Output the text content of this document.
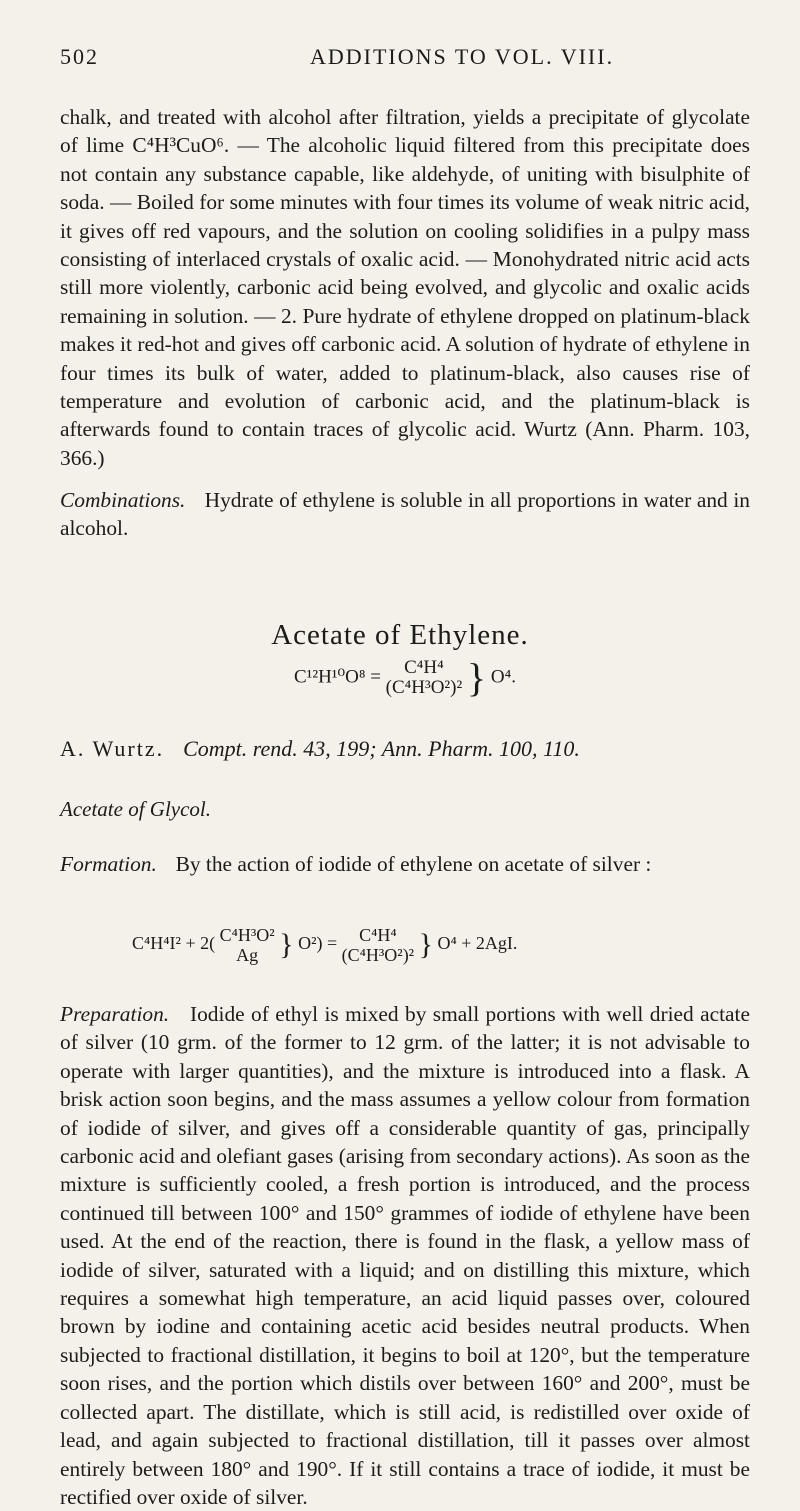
502	ADDITIONS TO VOL. VIII.

chalk, and treated with alcohol after filtration, yields a precipitate of glycolate of lime C⁴H³CuO⁶. — The alcoholic liquid filtered from this precipitate does not contain any substance capable, like aldehyde, of uniting with bisulphite of soda. — Boiled for some minutes with four times its volume of weak nitric acid, it gives off red vapours, and the solution on cooling solidifies in a pulpy mass consisting of interlaced crystals of oxalic acid. — Monohydrated nitric acid acts still more violently, carbonic acid being evolved, and glycolic and oxalic acids remaining in solution. — 2. Pure hydrate of ethylene dropped on platinum-black makes it red-hot and gives off carbonic acid. A solution of hydrate of ethylene in four times its bulk of water, added to platinum-black, also causes rise of temperature and evolution of carbonic acid, and the platinum-black is afterwards found to contain traces of glycolic acid. Wurtz (Ann. Pharm. 103, 366.)

Combinations. Hydrate of ethylene is soluble in all proportions in water and in alcohol.

Acetate of Ethylene.
C¹²H¹⁰O⁸ = C⁴H⁴
(C⁴H³O²)² } O⁴.
A. Wurtz. Compt. rend. 43, 199; Ann. Pharm. 100, 110.
Acetate of Glycol.

Formation. By the action of iodide of ethylene on acetate of silver :

C⁴H⁴I² + 2( C⁴H³O²
Ag } O²) = C⁴H⁴
(C⁴H³O²)² } O⁴ + 2AgI.

Preparation. Iodide of ethyl is mixed by small portions with well dried actate of silver (10 grm. of the former to 12 grm. of the latter; it is not advisable to operate with larger quantities), and the mixture is introduced into a flask. A brisk action soon begins, and the mass assumes a yellow colour from formation of iodide of silver, and gives off a considerable quantity of gas, principally carbonic acid and olefiant gases (arising from secondary actions). As soon as the mixture is sufficiently cooled, a fresh portion is introduced, and the process continued till between 100° and 150° grammes of iodide of ethylene have been used. At the end of the reaction, there is found in the flask, a yellow mass of iodide of silver, saturated with a liquid; and on distilling this mixture, which requires a somewhat high temperature, an acid liquid passes over, coloured brown by iodine and containing acetic acid besides neutral products. When subjected to fractional distillation, it begins to boil at 120°, but the temperature soon rises, and the portion which distils over between 160° and 200°, must be collected apart. The distillate, which is still acid, is redistilled over oxide of lead, and again subjected to fractional distillation, till it passes over almost entirely between 180° and 190°. If it still contains a trace of iodide, it must be rectified over oxide of silver.
